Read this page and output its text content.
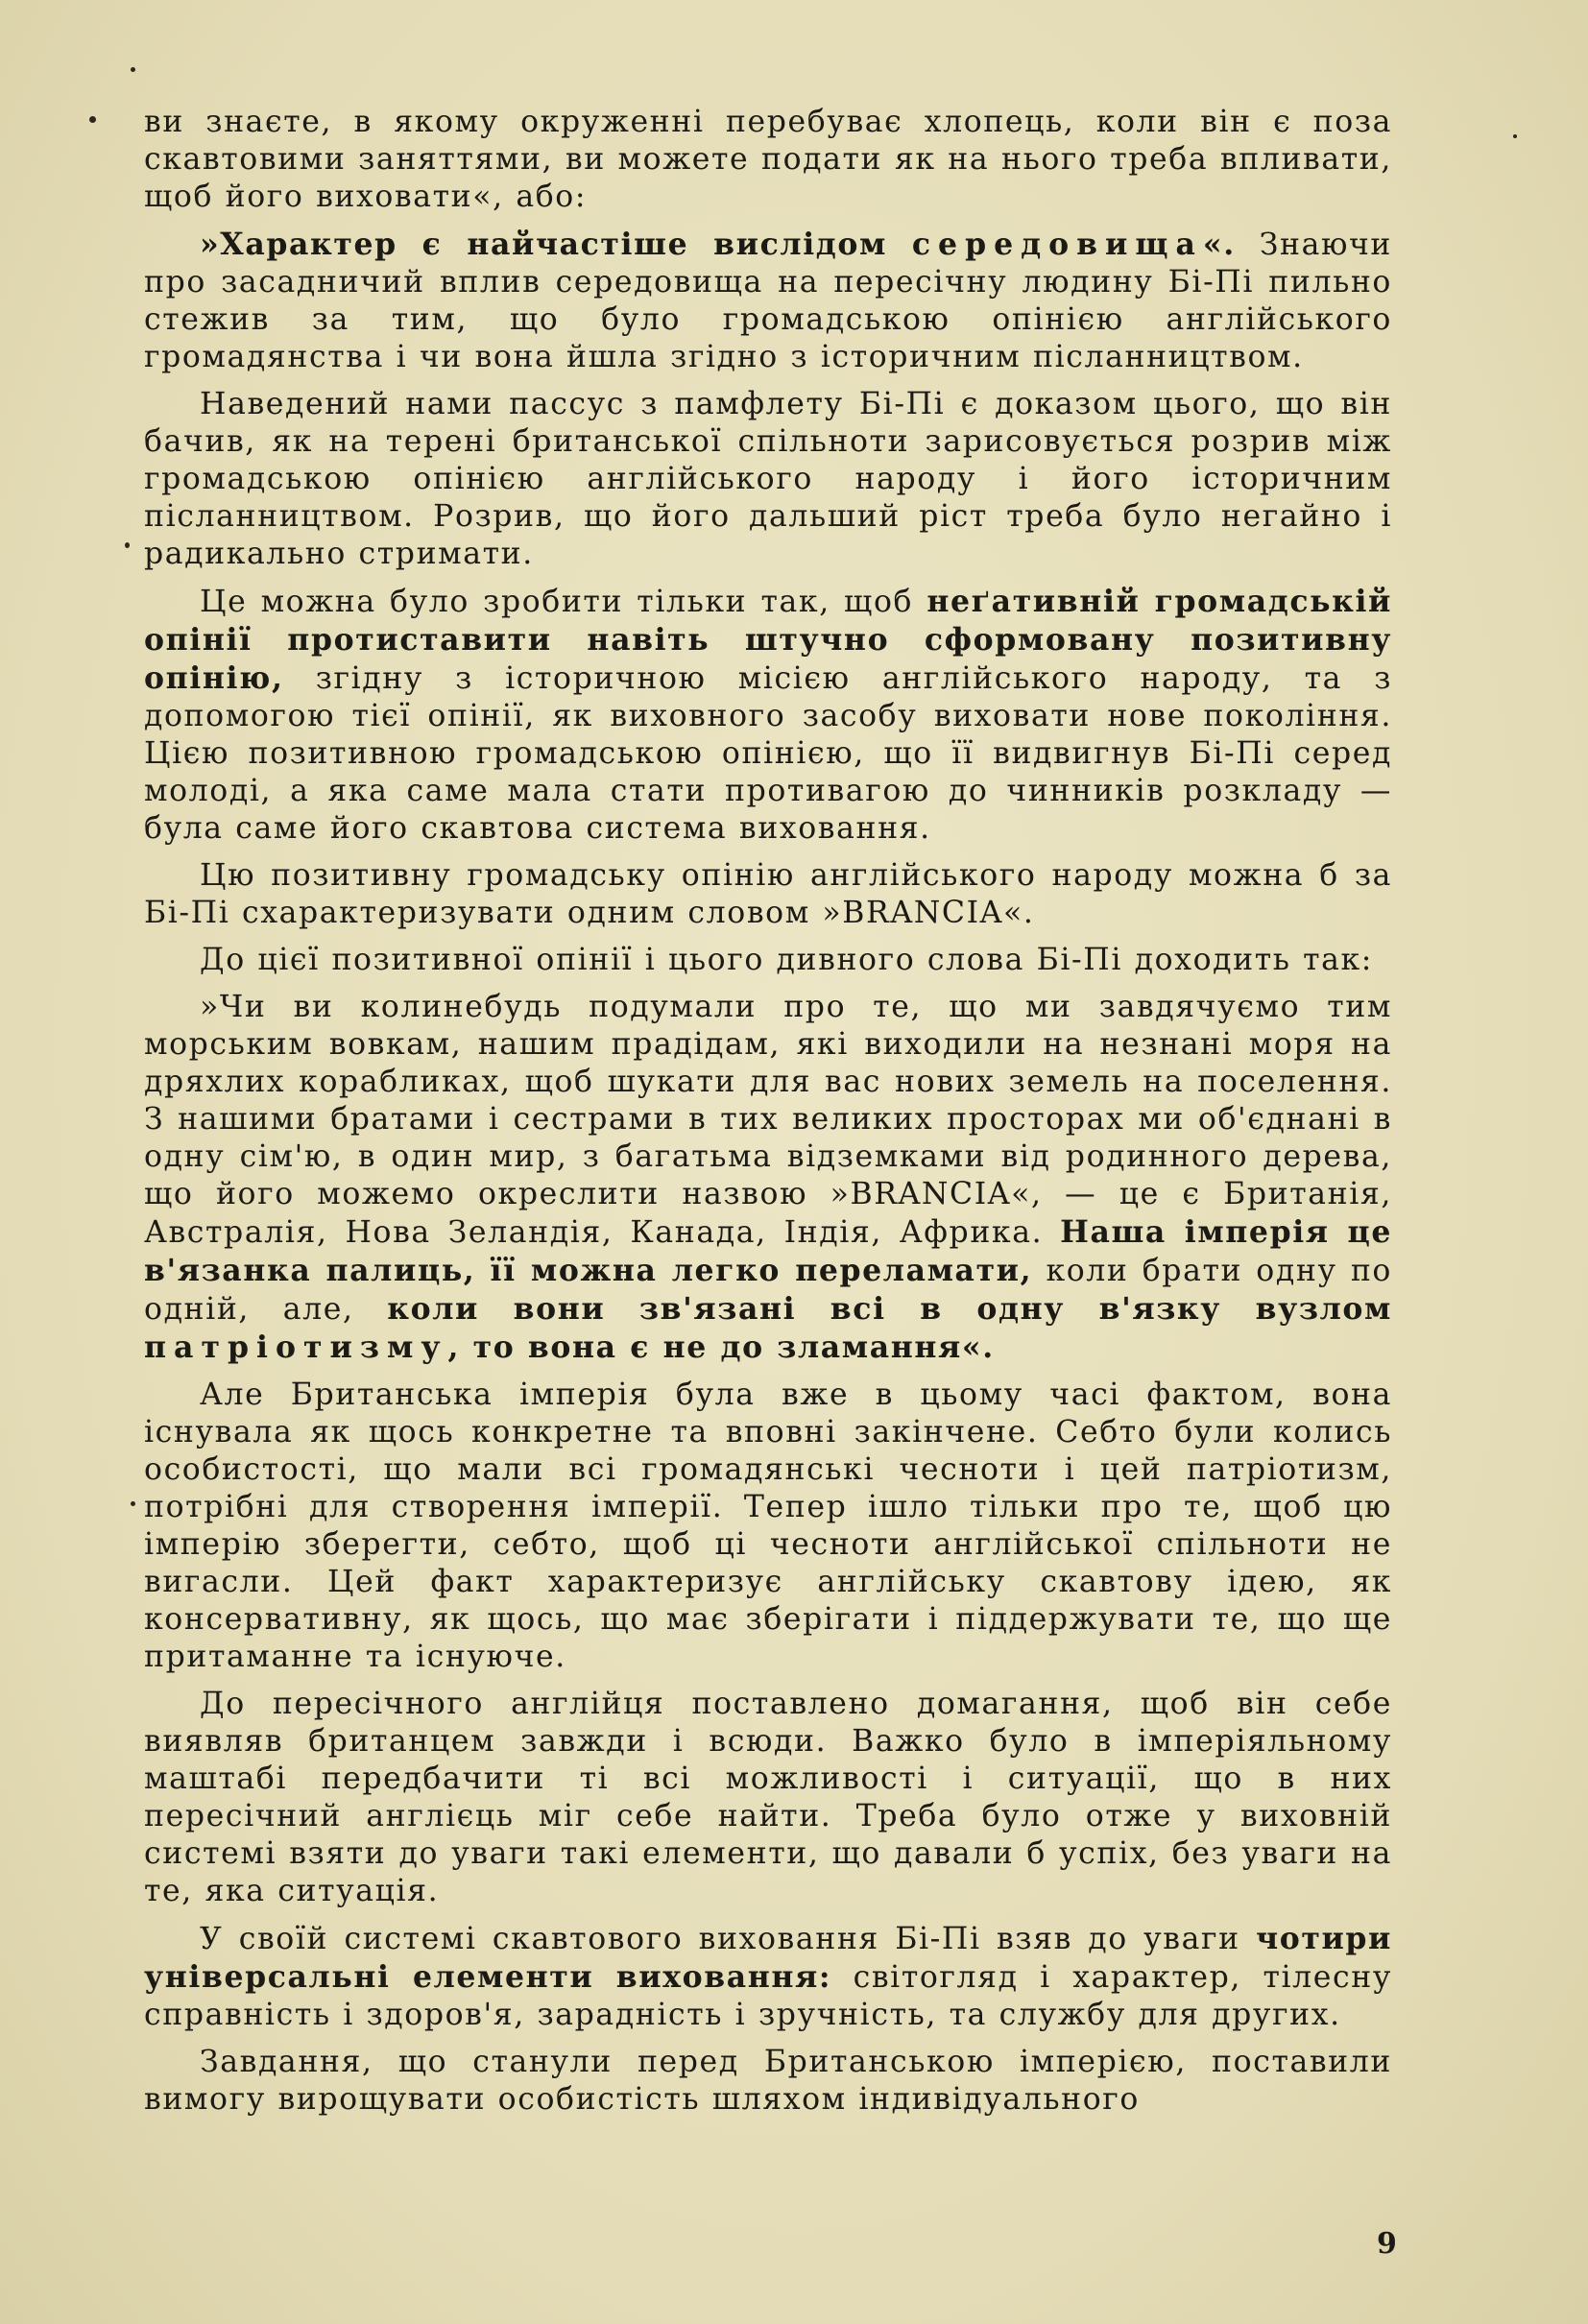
ви знаєте, в якому окруженні перебуває хлопець, коли він є поза скавтовими заняттями, ви можете подати як на нього треба впливати, щоб його виховати«, або:

»Характер є найчастіше вислідом середовища«. Знаючи про засадничий вплив середовища на пересічну людину Бі-Пі пильно стежив за тим, що було громадською опінією англійського громадянства і чи вона йшла згідно з історичним післанництвом.

Наведений нами пассус з памфлету Бі-Пі є доказом цього, що він бачив, як на терені британської спільноти зарисовується розрив між громадською опінією англійського народу і його історичним післанництвом. Розрив, що його дальший ріст треба було негайно і радикально стримати.

Це можна було зробити тільки так, щоб неґативній громадській опінії протиставити навіть штучно сформовану позитивну опінію, згідну з історичною місією англійського народу, та з допомогою тієї опінії, як виховного засобу виховати нове покоління. Цією позитивною громадською опінією, що її видвигнув Бі-Пі серед молоді, а яка саме мала стати противагою до чинників розкладу — була саме його скавтова система виховання.

Цю позитивну громадську опінію англійського народу можна б за Бі-Пі схарактеризувати одним словом »BRANCIA«.

До цієї позитивної опінії і цього дивного слова Бі-Пі доходить так:

»Чи ви колинебудь подумали про те, що ми завдячуємо тим морським вовкам, нашим прадідам, які виходили на незнані моря на дряхлих корабликах, щоб шукати для вас нових земель на поселення. З нашими братами і сестрами в тих великих просторах ми об'єднані в одну сім'ю, в один мир, з багатьма відземками від родинного дерева, що його можемо окреслити назвою »BRANCIA«, — це є Британія, Австралія, Нова Зеландія, Канада, Індія, Африка. Наша імперія це в'язанка палиць, її можна легко переламати, коли брати одну по одній, але, коли вони зв'язані всі в одну в'язку вузлом патріотизму, то вона є не до зламання«.

Але Британська імперія була вже в цьому часі фактом, вона існувала як щось конкретне та вповні закінчене. Себто були колись особистості, що мали всі громадянські чесноти і цей патріотизм, потрібні для створення імперії. Тепер ішло тільки про те, щоб цю імперію зберегти, себто, щоб ці чесноти англійської спільноти не вигасли. Цей факт характеризує англійську скавтову ідею, як консервативну, як щось, що має зберігати і піддержувати те, що ще притаманне та існуюче.

До пересічного англійця поставлено домагання, щоб він себе виявляв британцем завжди і всюди. Важко було в імперіяльному маштабі передбачити ті всі можливості і ситуації, що в них пересічний англієць міг себе найти. Треба було отже у виховній системі взяти до уваги такі елементи, що давали б успіх, без уваги на те, яка ситуація.

У своїй системі скавтового виховання Бі-Пі взяв до уваги чотири універсальні елементи виховання: світогляд і характер, тілесну справність і здоров'я, зарадність і зручність, та службу для других.

Завдання, що станули перед Британською імперією, поставили вимогу вирощувати особистість шляхом індивідуального

9
